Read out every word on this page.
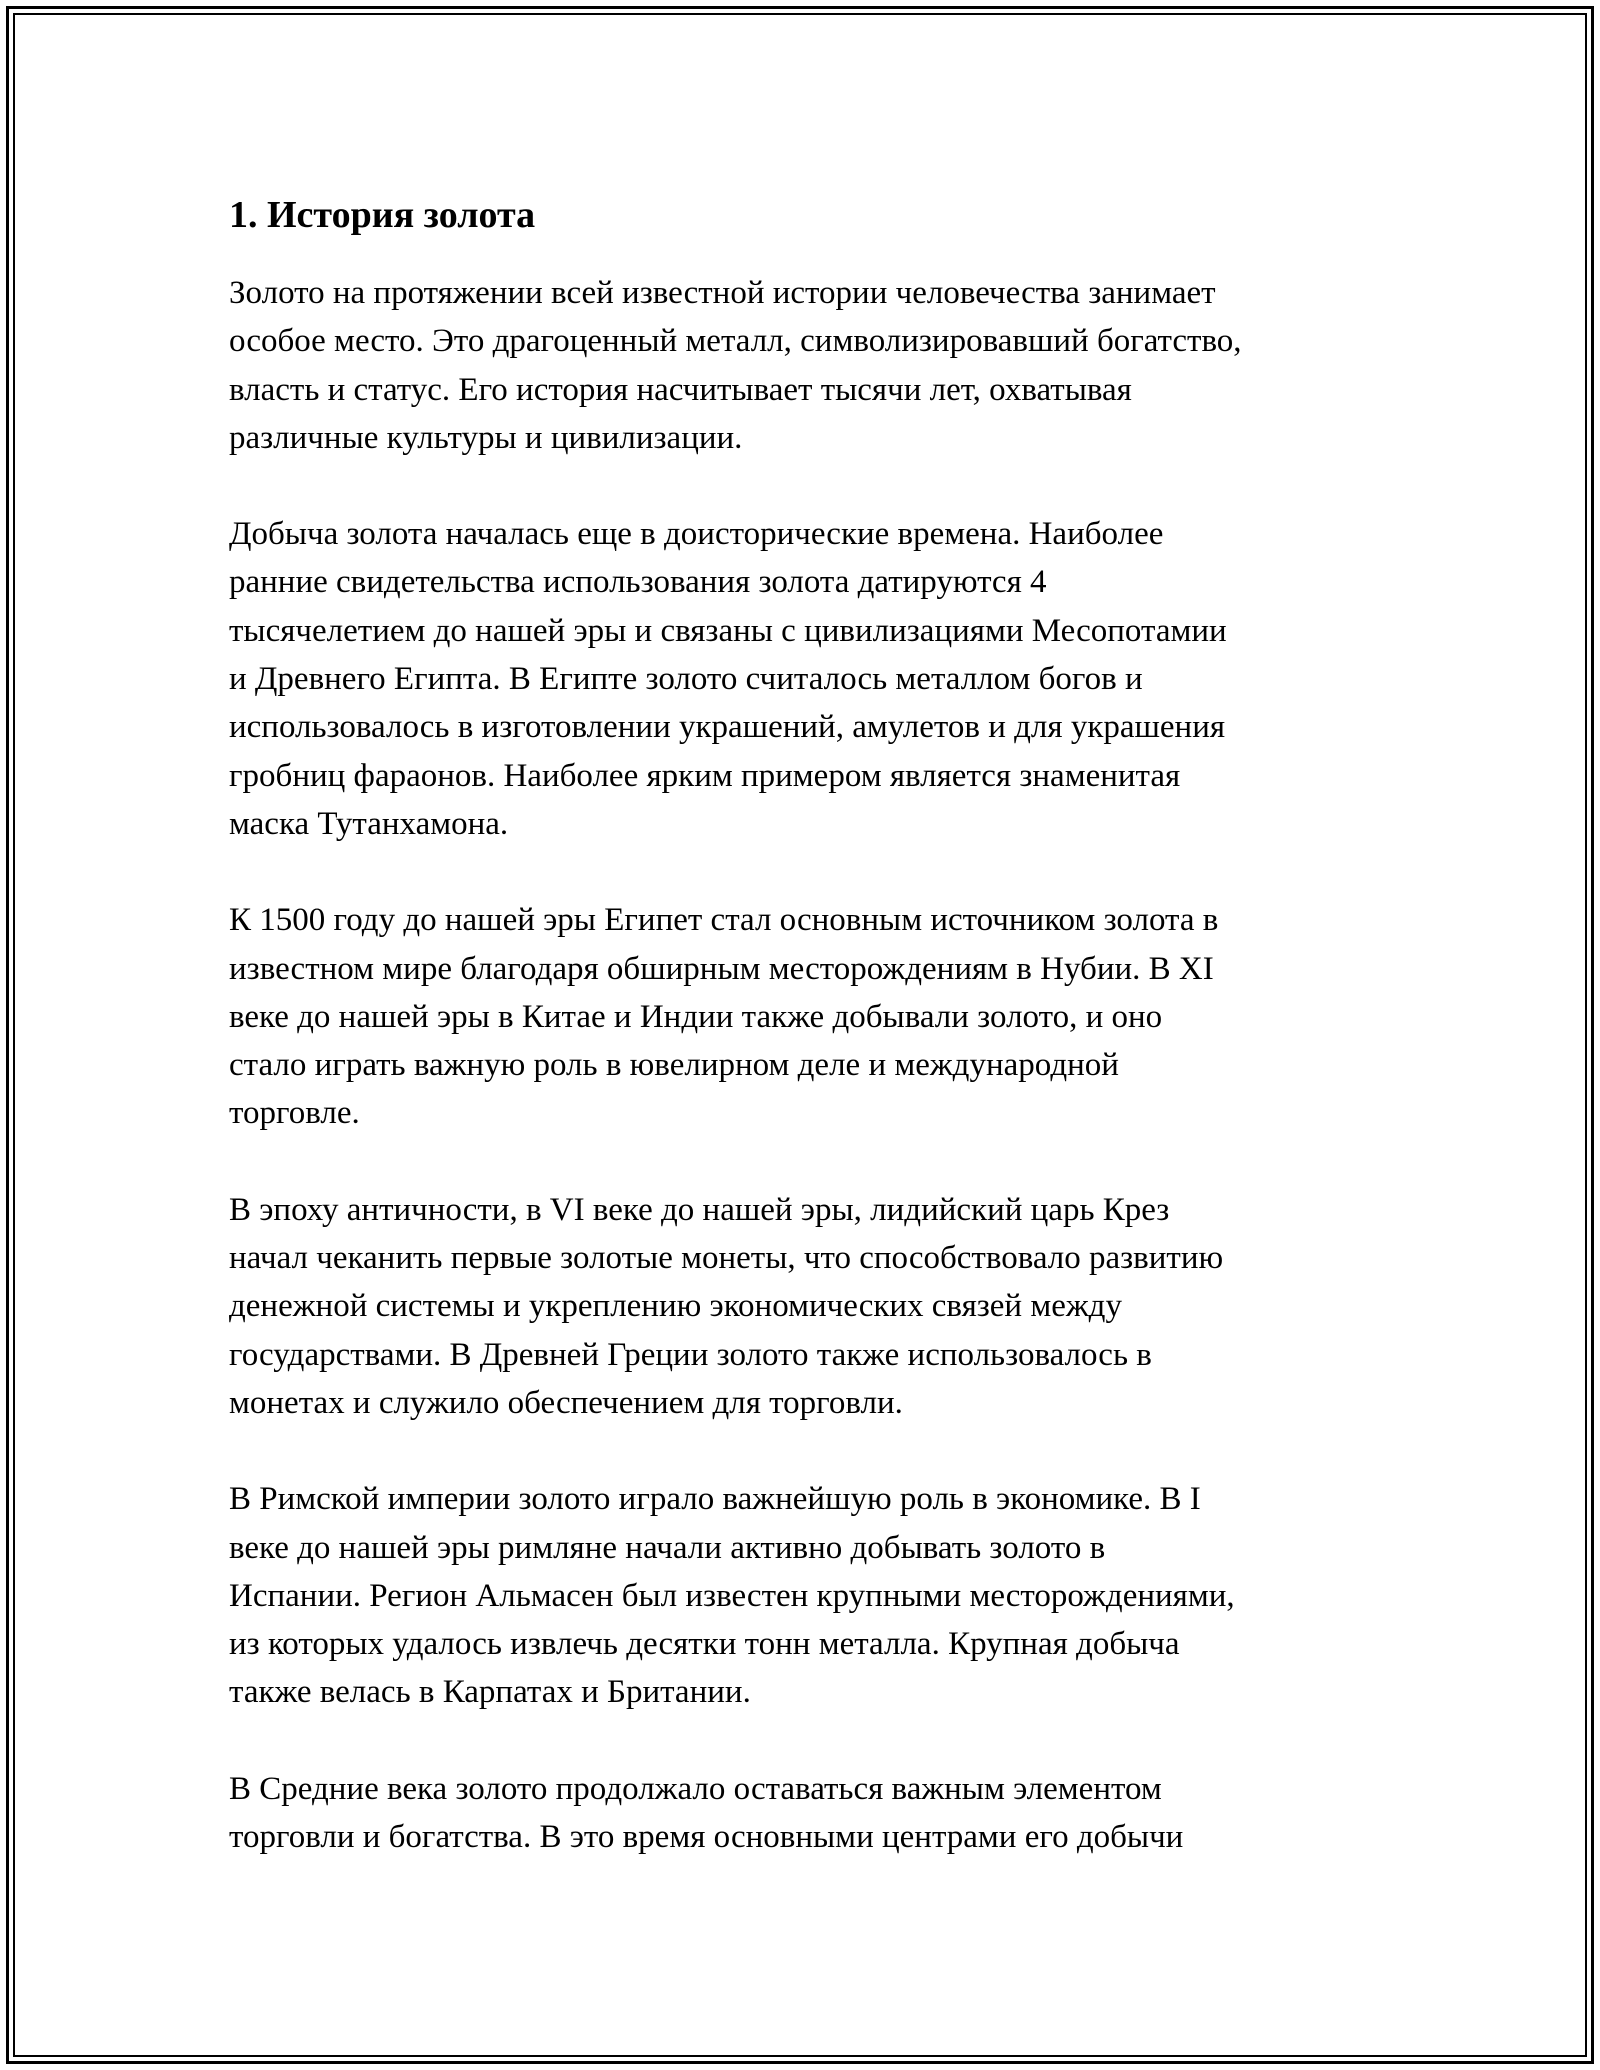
1. История золота

Золото на протяжении всей известной истории человечества занимает
особое место. Это драгоценный металл, символизировавший богатство,
власть и статус. Его история насчитывает тысячи лет, охватывая
различные культуры и цивилизации.

Добыча золота началась еще в доисторические времена. Наиболее
ранние свидетельства использования золота датируются 4
тысячелетием до нашей эры и связаны с цивилизациями Месопотамии
и Древнего Египта. В Египте золото считалось металлом богов и
использовалось в изготовлении украшений, амулетов и для украшения
гробниц фараонов. Наиболее ярким примером является знаменитая
маска Тутанхамона.

К 1500 году до нашей эры Египет стал основным источником золота в
известном мире благодаря обширным месторождениям в Нубии. В XI
веке до нашей эры в Китае и Индии также добывали золото, и оно
стало играть важную роль в ювелирном деле и международной
торговле.

В эпоху античности, в VI веке до нашей эры, лидийский царь Крез
начал чеканить первые золотые монеты, что способствовало развитию
денежной системы и укреплению экономических связей между
государствами. В Древней Греции золото также использовалось в
монетах и служило обеспечением для торговли.

В Римской империи золото играло важнейшую роль в экономике. В I
веке до нашей эры римляне начали активно добывать золото в
Испании. Регион Альмасен был известен крупными месторождениями,
из которых удалось извлечь десятки тонн металла. Крупная добыча
также велась в Карпатах и Британии.

В Средние века золото продолжало оставаться важным элементом
торговли и богатства. В это время основными центрами его добычи
